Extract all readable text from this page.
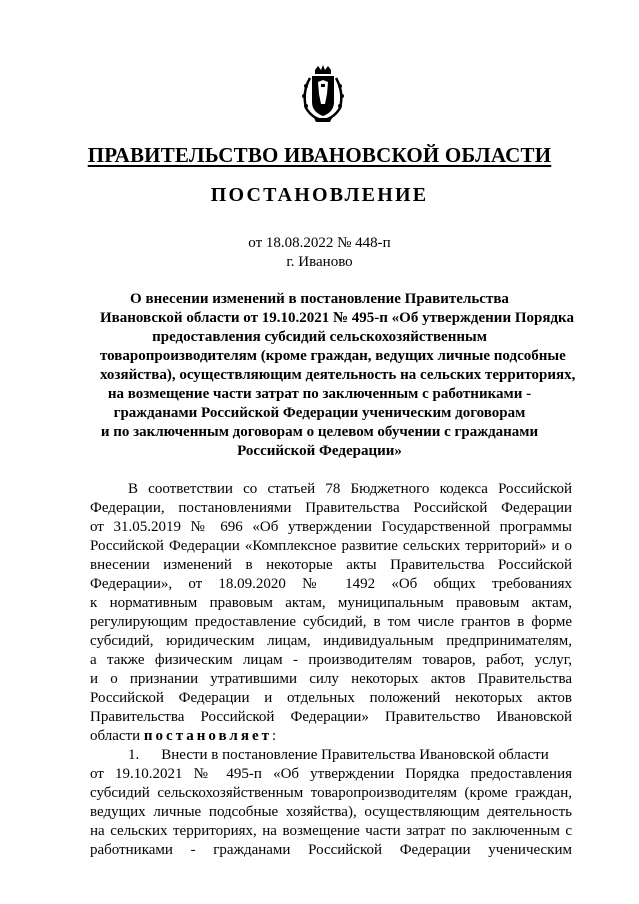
ПРАВИТЕЛЬСТВО ИВАНОВСКОЙ ОБЛАСТИ
ПОСТАНОВЛЕНИЕ
от 18.08.2022 № 448-п
г. Иваново
О внесении изменений в постановление Правительства
Ивановской области от 19.10.2021 № 495-п «Об утверждении Порядка
предоставления субсидий сельскохозяйственным
товаропроизводителям (кроме граждан, ведущих личные подсобные
хозяйства), осуществляющим деятельность на сельских территориях,
на возмещение части затрат по заключенным с работниками -
гражданами Российской Федерации ученическим договорам
и по заключенным договорам о целевом обучении с гражданами
Российской Федерации»
В соответствии со статьей 78 Бюджетного кодекса Российской
Федерации, постановлениями Правительства Российской Федерации
от 31.05.2019 № 696 «Об утверждении Государственной программы
Российской Федерации «Комплексное развитие сельских территорий» и о
внесении изменений в некоторые акты Правительства Российской
Федерации», от 18.09.2020 № 1492 «Об общих требованиях
к нормативным правовым актам, муниципальным правовым актам,
регулирующим предоставление субсидий, в том числе грантов в форме
субсидий, юридическим лицам, индивидуальным предпринимателям,
а также физическим лицам - производителям товаров, работ, услуг,
и о признании утратившими силу некоторых актов Правительства
Российской Федерации и отдельных положений некоторых актов
Правительства Российской Федерации» Правительство Ивановской
области постановляет:
1. Внести в постановление Правительства Ивановской области
от 19.10.2021 № 495-п «Об утверждении Порядка предоставления
субсидий сельскохозяйственным товаропроизводителям (кроме граждан,
ведущих личные подсобные хозяйства), осуществляющим деятельность
на сельских территориях, на возмещение части затрат по заключенным с
работниками - гражданами Российской Федерации ученическим
